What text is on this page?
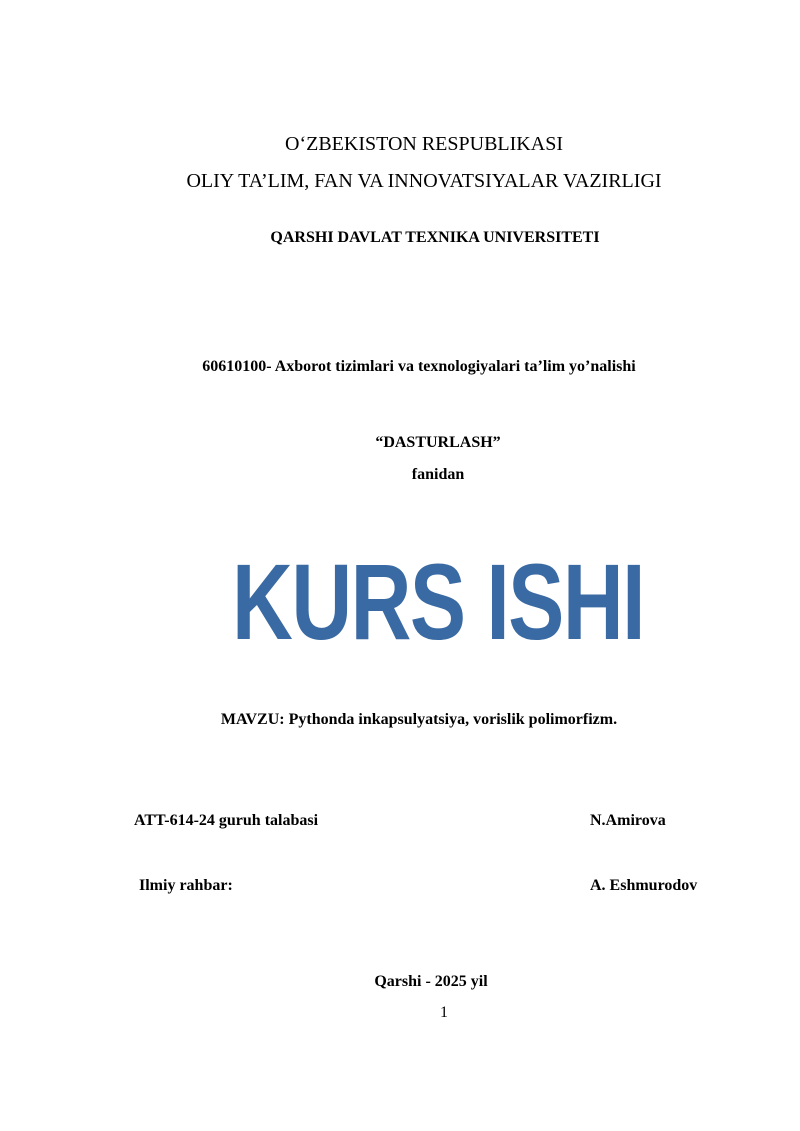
O‘ZBEKISTON RESPUBLIKASI
OLIY TA’LIM, FAN VA INNOVATSIYALAR VAZIRLIGI
QARSHI DAVLAT TEXNIKA UNIVERSITETI
60610100- Axborot tizimlari va texnologiyalari ta’lim yo’nalishi
“DASTURLASH”
fanidan
KURS ISHI
MAVZU: Pythonda inkapsulyatsiya, vorislik polimorfizm.
ATT-614-24 guruh talabasi	N.Amirova
Ilmiy rahbar:	A. Eshmurodov
Qarshi - 2025 yil
1
